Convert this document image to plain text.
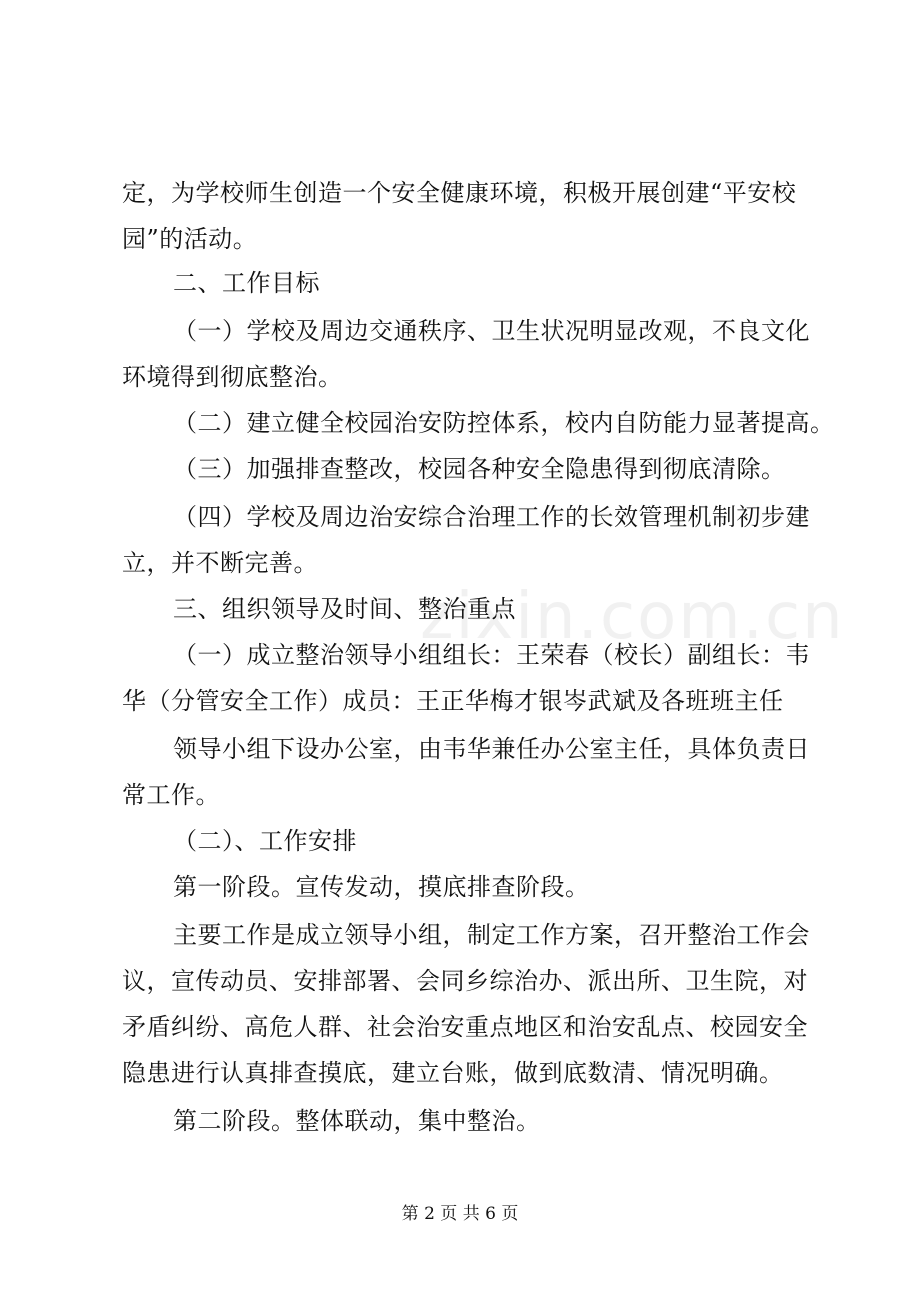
zixin.com.cn
定，为学校师生创造一个安全健康环境，积极开展创建“平安校
园”的活动。
二、工作目标
（一）学校及周边交通秩序、卫生状况明显改观，不良文化
环境得到彻底整治。
（二）建立健全校园治安防控体系，校内自防能力显著提高。
（三）加强排查整改，校园各种安全隐患得到彻底清除。
（四）学校及周边治安综合治理工作的长效管理机制初步建
立，并不断完善。
三、组织领导及时间、整治重点
（一）成立整治领导小组组长：王荣春（校长）副组长：韦
华（分管安全工作）成员：王正华梅才银岑武斌及各班班主任
领导小组下设办公室，由韦华兼任办公室主任，具体负责日
常工作。
（二）、工作安排
第一阶段。宣传发动，摸底排查阶段。
主要工作是成立领导小组，制定工作方案，召开整治工作会
议，宣传动员、安排部署、会同乡综治办、派出所、卫生院，对
矛盾纠纷、高危人群、社会治安重点地区和治安乱点、校园安全
隐患进行认真排查摸底，建立台账，做到底数清、情况明确。
第二阶段。整体联动，集中整治。
第 2 页 共 6 页
